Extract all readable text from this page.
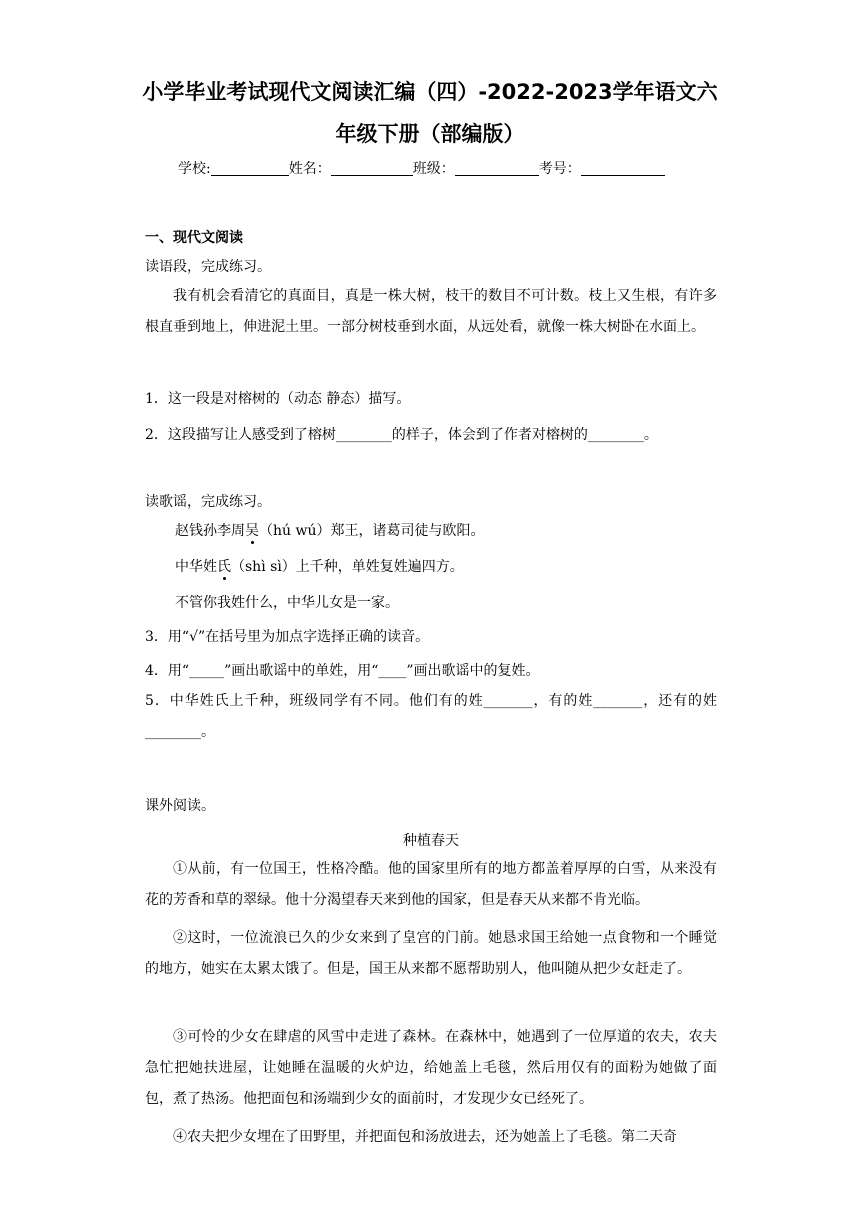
小学毕业考试现代文阅读汇编（四）-2022-2023学年语文六
年级下册（部编版）
学校:	姓名：	班级：	考号：
一、现代文阅读
读语段，完成练习。
我有机会看清它的真面目，真是一株大树，枝干的数目不可计数。枝上又生根，有许多根直垂到地上，伸进泥土里。一部分树枝垂到水面，从远处看，就像一株大树卧在水面上。
1．这一段是对榕树的（动态 静态）描写。
2．这段描写让人感受到了榕树________的样子，体会到了作者对榕树的________。
读歌谣，完成练习。
赵钱孙李周吴（hú wú）郑王，诸葛司徒与欧阳。
中华姓氏（shì sì）上千种，单姓复姓遍四方。
不管你我姓什么，中华儿女是一家。
3．用“√”在括号里为加点字选择正确的读音。
4．用“_____”画出歌谣中的单姓，用“____”画出歌谣中的复姓。
5．中华姓氏上千种，班级同学有不同。他们有的姓_______，有的姓_______，还有的姓________。
课外阅读。
种植春天
①从前，有一位国王，性格冷酷。他的国家里所有的地方都盖着厚厚的白雪，从来没有花的芳香和草的翠绿。他十分渴望春天来到他的国家，但是春天从来都不肯光临。
②这时，一位流浪已久的少女来到了皇宫的门前。她恳求国王给她一点食物和一个睡觉的地方，她实在太累太饿了。但是，国王从来都不愿帮助别人，他叫随从把少女赶走了。
③可怜的少女在肆虐的风雪中走进了森林。在森林中，她遇到了一位厚道的农夫，农夫急忙把她扶进屋，让她睡在温暖的火炉边，给她盖上毛毯，然后用仅有的面粉为她做了面包，煮了热汤。他把面包和汤端到少女的面前时，才发现少女已经死了。
④农夫把少女埋在了田野里，并把面包和汤放进去，还为她盖上了毛毯。第二天奇
